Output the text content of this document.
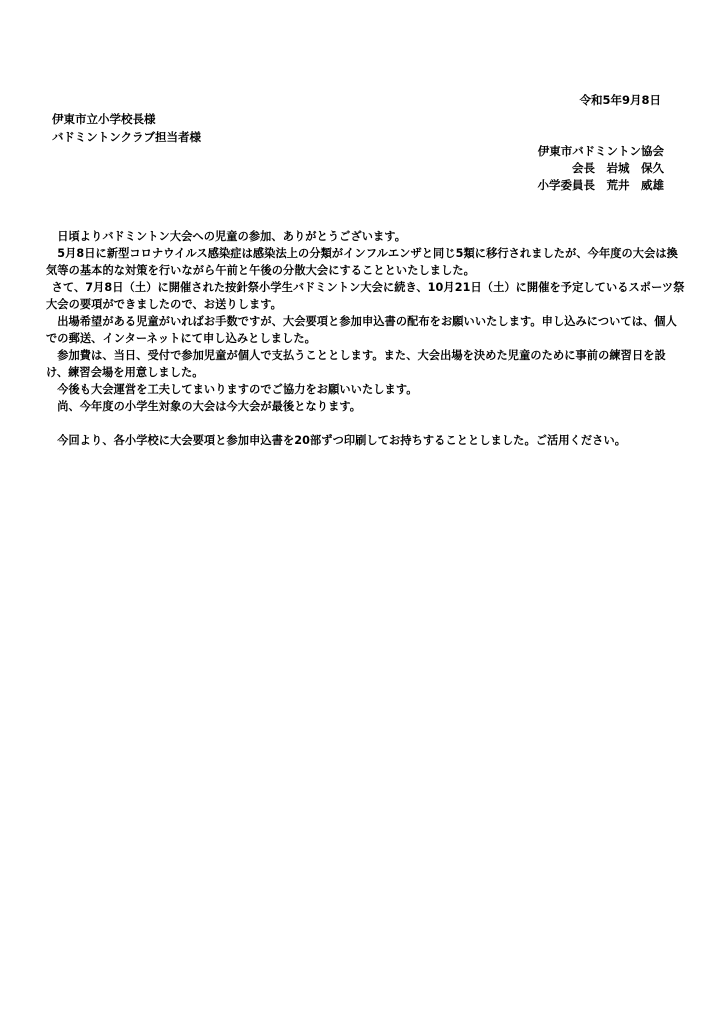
令和5年9月8日
伊東市立小学校長様
バドミントンクラブ担当者様
伊東市バドミントン協会
会長　岩城　保久
小学委員長　荒井　威雄

日頃よりバドミントン大会への児童の参加、ありがとうございます。

5月8日に新型コロナウイルス感染症は感染法上の分類がインフルエンザと同じ5類に移行されましたが、今年度の大会は換気等の基本的な対策を行いながら午前と午後の分散大会にすることといたしました。

さて、7月8日（土）に開催された按針祭小学生バドミントン大会に続き、10月21日（土）に開催を予定しているスポーツ祭大会の要項ができましたので、お送りします。

出場希望がある児童がいればお手数ですが、大会要項と参加申込書の配布をお願いいたします。申し込みについては、個人での郵送、インターネットにて申し込みとしました。

参加費は、当日、受付で参加児童が個人で支払うこととします。また、大会出場を決めた児童のために事前の練習日を設け、練習会場を用意しました。

今後も大会運営を工夫してまいりますのでご協力をお願いいたします。

尚、今年度の小学生対象の大会は今大会が最後となります。

今回より、各小学校に大会要項と参加申込書を20部ずつ印刷してお持ちすることとしました。ご活用ください。
